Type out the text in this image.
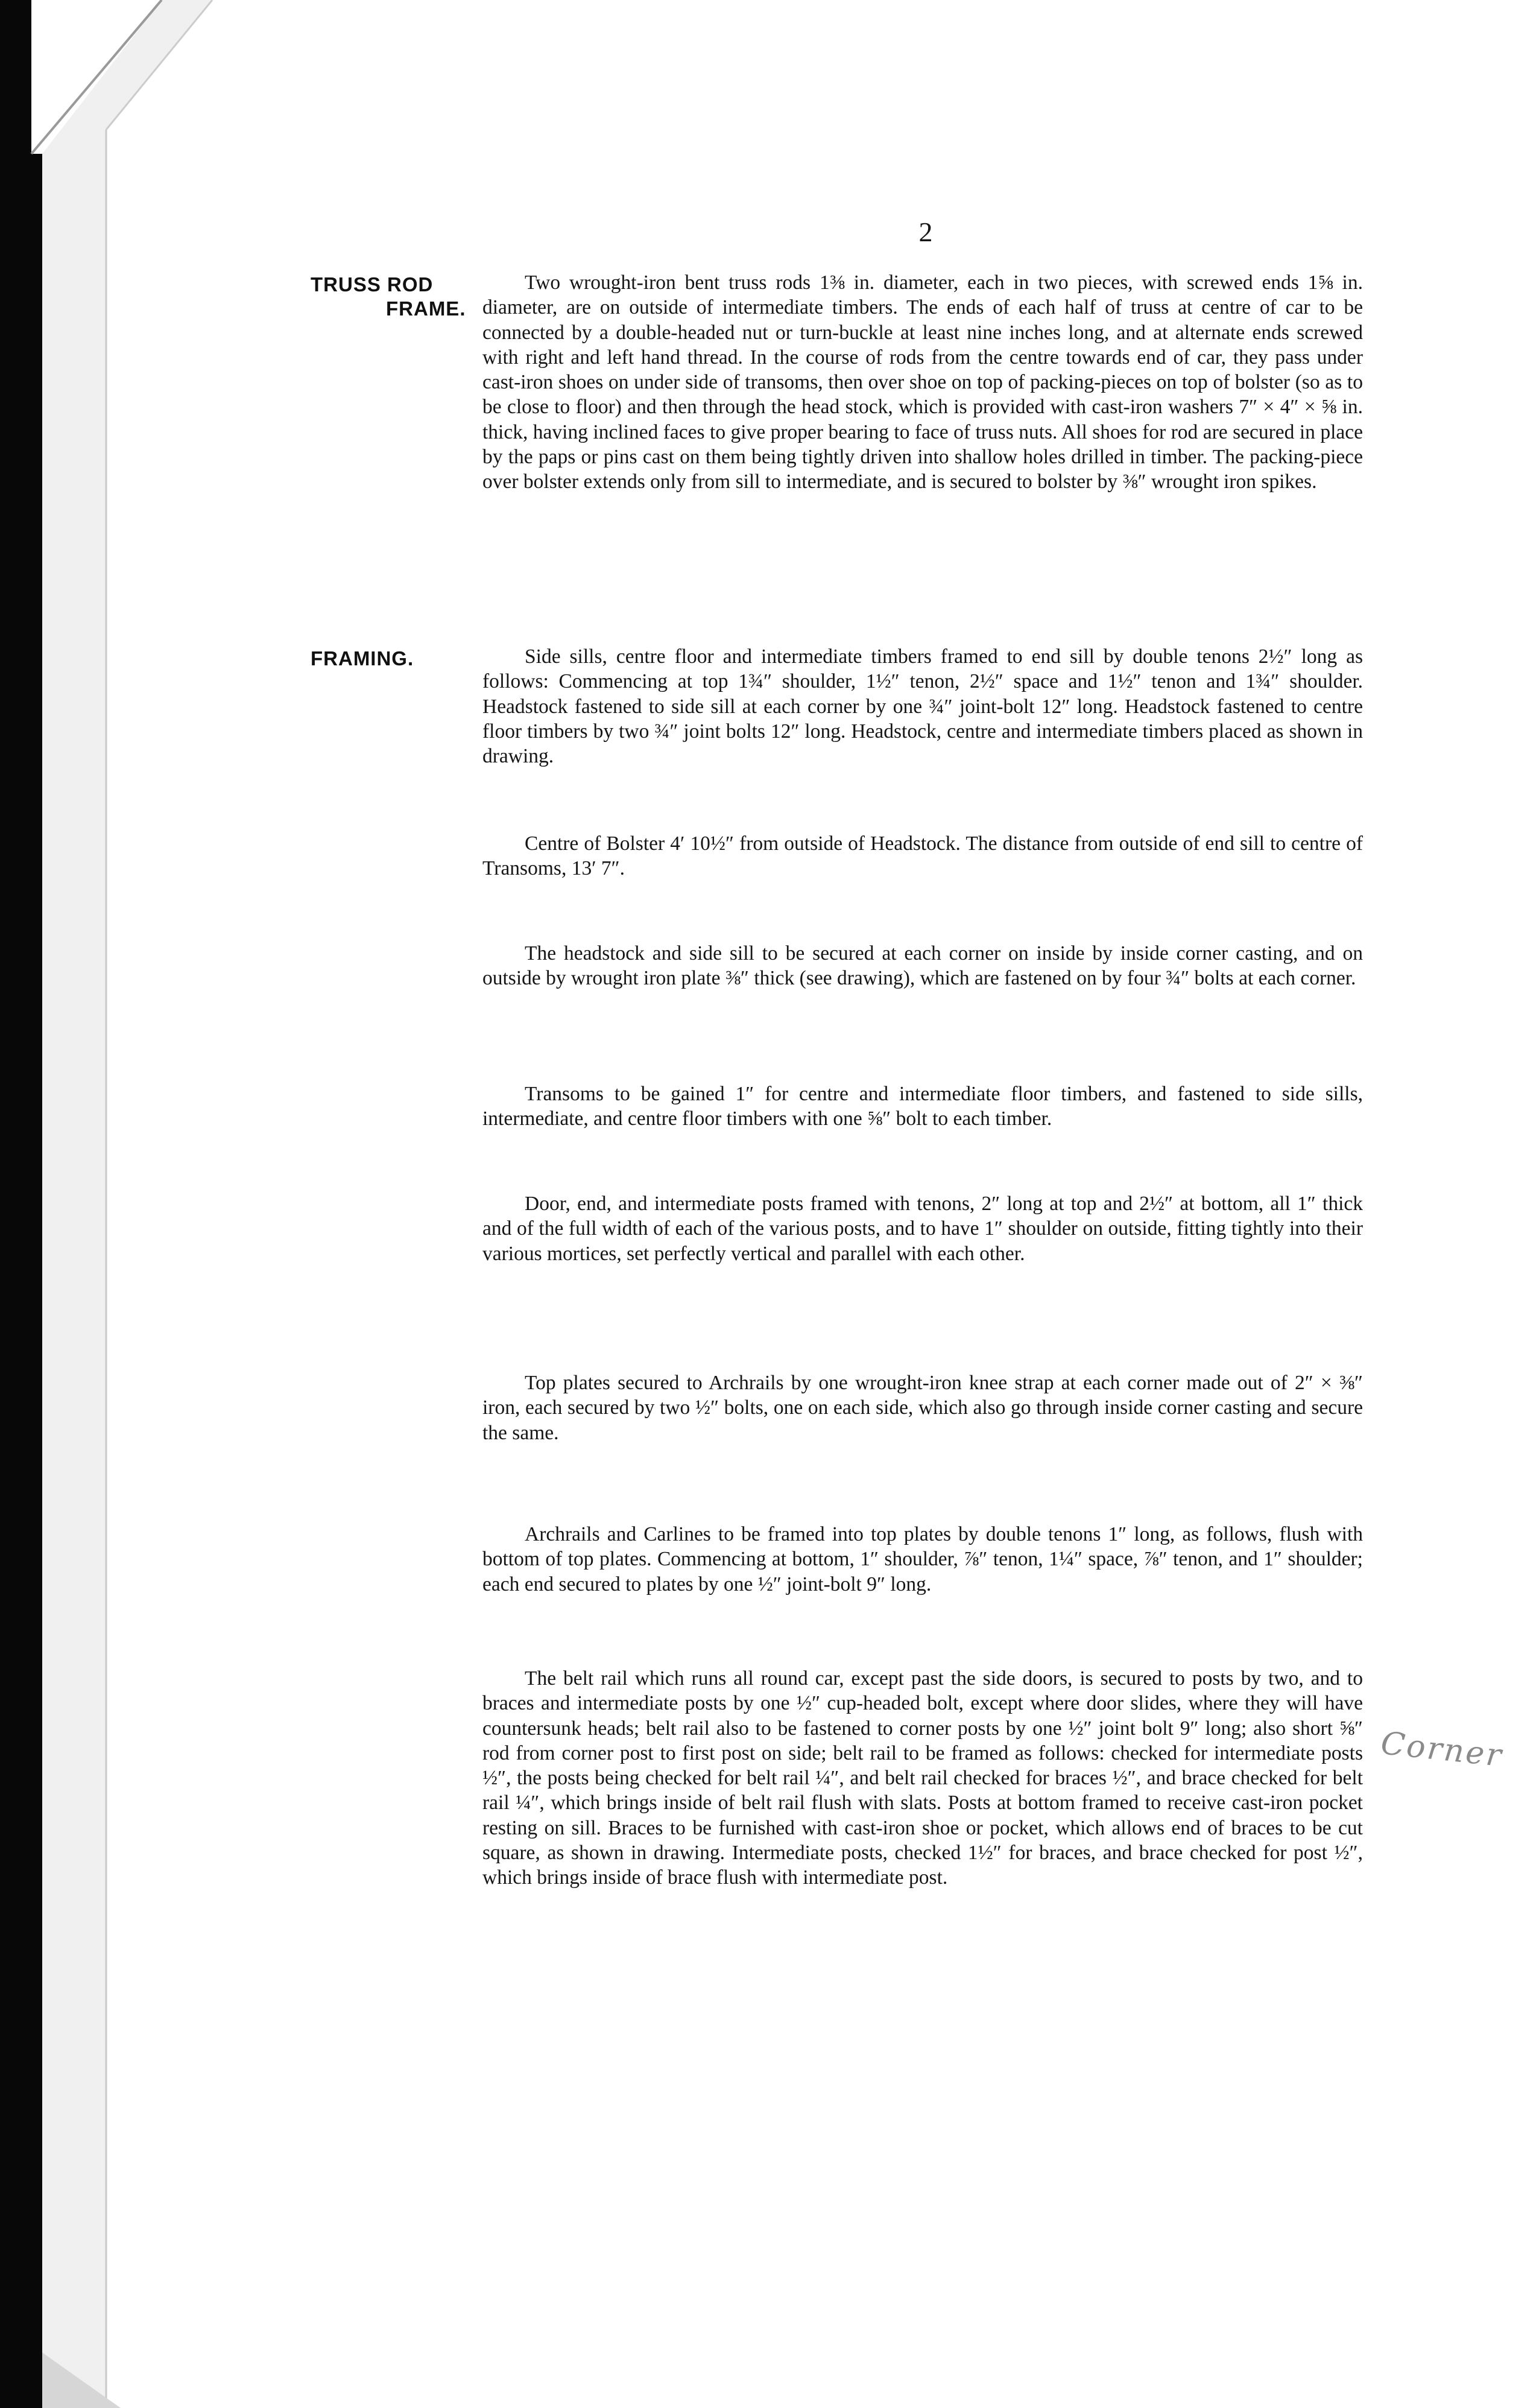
2
TRUSS ROD
FRAME.

Two wrought-iron bent truss rods 1⅜ in. diameter, each in two pieces, with screwed ends 1⅝ in. diameter, are on outside of intermediate timbers. The ends of each half of truss at centre of car to be connected by a double-headed nut or turn-buckle at least nine inches long, and at alternate ends screwed with right and left hand thread. In the course of rods from the centre towards end of car, they pass under cast-iron shoes on under side of transoms, then over shoe on top of packing-pieces on top of bolster (so as to be close to floor) and then through the head stock, which is provided with cast-iron washers 7″ × 4″ × ⅝ in. thick, having inclined faces to give proper bearing to face of truss nuts. All shoes for rod are secured in place by the paps or pins cast on them being tightly driven into shallow holes drilled in timber. The packing-piece over bolster extends only from sill to intermediate, and is secured to bolster by ⅜″ wrought iron spikes.

FRAMING.	Side sills, centre floor and intermediate timbers framed to end sill by double tenons 2½″ long as follows: Commencing at top 1¾″ shoulder, 1½″ tenon, 2½″ space and 1½″ tenon and 1¾″ shoulder. Headstock fastened to side sill at each corner by one ¾″ joint-bolt 12″ long. Headstock fastened to centre floor timbers by two ¾″ joint bolts 12″ long. Headstock, centre and intermediate timbers placed as shown in drawing.

Centre of Bolster 4′ 10½″ from outside of Headstock. The distance from outside of end sill to centre of Transoms, 13′ 7″.

The headstock and side sill to be secured at each corner on inside by inside corner casting, and on outside by wrought iron plate ⅜″ thick (see drawing), which are fastened on by four ¾″ bolts at each corner.

Transoms to be gained 1″ for centre and intermediate floor timbers, and fastened to side sills, intermediate, and centre floor timbers with one ⅝″ bolt to each timber.

Door, end, and intermediate posts framed with tenons, 2″ long at top and 2½″ at bottom, all 1″ thick and of the full width of each of the various posts, and to have 1″ shoulder on outside, fitting tightly into their various mortices, set perfectly vertical and parallel with each other.

Top plates secured to Archrails by one wrought-iron knee strap at each corner made out of 2″ × ⅜″ iron, each secured by two ½″ bolts, one on each side, which also go through inside corner casting and secure the same.

Archrails and Carlines to be framed into top plates by double tenons 1″ long, as follows, flush with bottom of top plates. Commencing at bottom, 1″ shoulder, ⅞″ tenon, 1¼″ space, ⅞″ tenon, and 1″ shoulder; each end secured to plates by one ½″ joint-bolt 9″ long.

The belt rail which runs all round car, except past the side doors, is secured to posts by two, and to braces and intermediate posts by one ½″ cup-headed bolt, except where door slides, where they will have countersunk heads; belt rail also to be fastened to corner posts by one ½″ joint bolt 9″ long; also short ⅝″ rod from corner post to first post on side; belt rail to be framed as follows: checked for intermediate posts ½″, the posts being checked for belt rail ¼″, and belt rail checked for braces ½″, and brace checked for belt rail ¼″, which brings inside of belt rail flush with slats. Posts at bottom framed to receive cast-iron pocket resting on sill. Braces to be furnished with cast-iron shoe or pocket, which allows end of braces to be cut square, as shown in drawing. Intermediate posts, checked 1½″ for braces, and brace checked for post ½″, which brings inside of brace flush with intermediate post.

Corner
